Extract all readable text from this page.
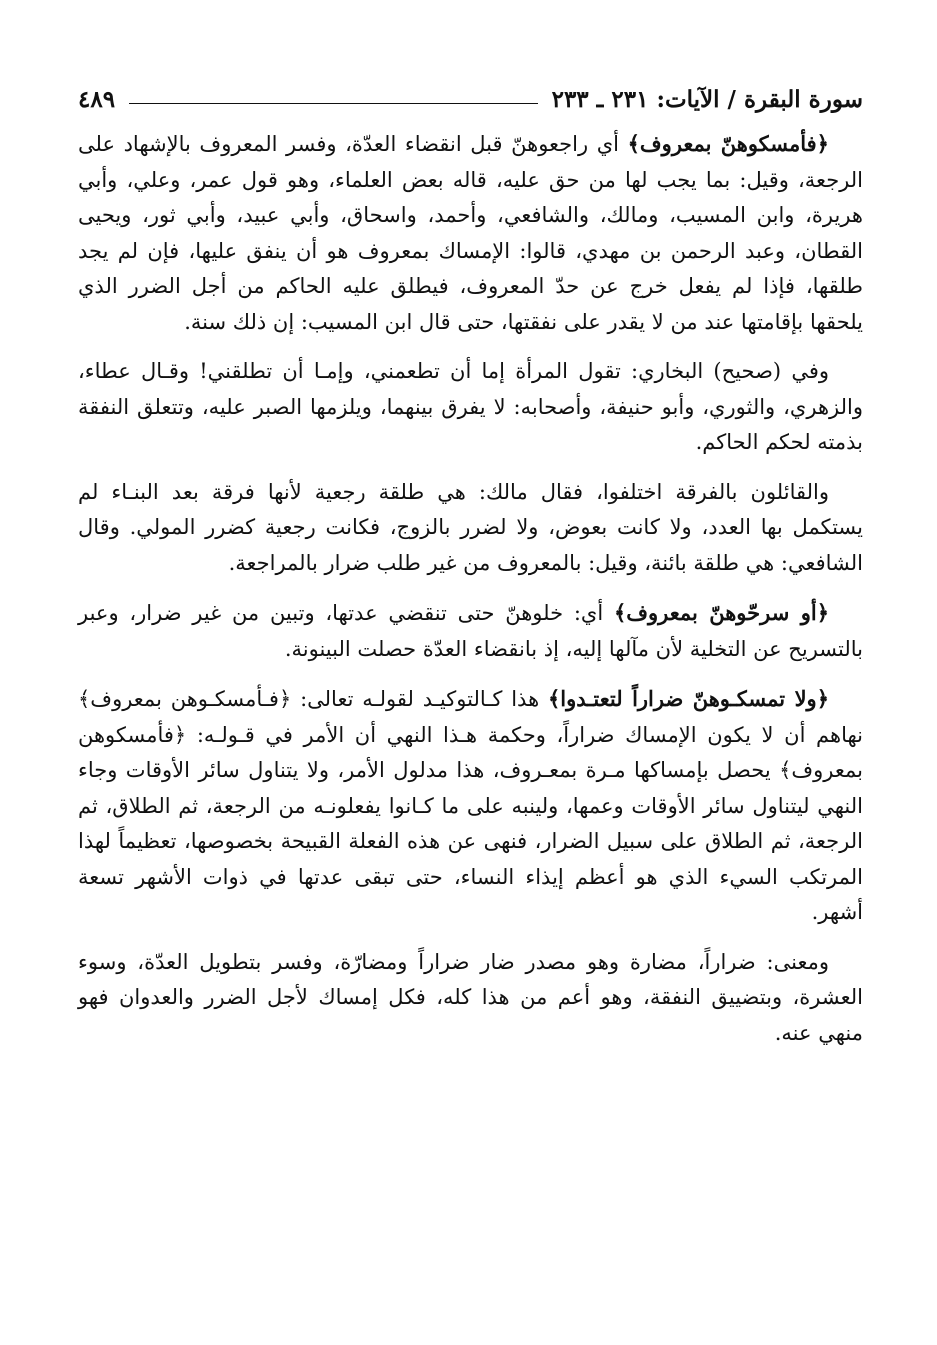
سورة البقرة / الآيات: ٢٣١ ـ ٢٣٣
٤٨٩

﴿فأمسكوهنّ بمعروف﴾ أي راجعوهنّ قبل انقضاء العدّة، وفسر المعروف بالإشهاد على الرجعة، وقيل: بما يجب لها من حق عليه، قاله بعض العلماء، وهو قول عمر، وعلي، وأبي هريرة، وابن المسيب، ومالك، والشافعي، وأحمد، واسحاق، وأبي عبيد، وأبي ثور، ويحيى القطان، وعبد الرحمن بن مهدي، قالوا: الإمساك بمعروف هو أن ينفق عليها، فإن لم يجد طلقها، فإذا لم يفعل خرج عن حدّ المعروف، فيطلق عليه الحاكم من أجل الضرر الذي يلحقها بإقامتها عند من لا يقدر على نفقتها، حتى قال ابن المسيب: إن ذلك سنة.

وفي (صحيح) البخاري: تقول المرأة إما أن تطعمني، وإمـا أن تطلقني! وقـال عطاء، والزهري، والثوري، وأبو حنيفة، وأصحابه: لا يفرق بينهما، ويلزمها الصبر عليه، وتتعلق النفقة بذمته لحكم الحاكم.

والقائلون بالفرقة اختلفوا، فقال مالك: هي طلقة رجعية لأنها فرقة بعد البنـاء لم يستكمل بها العدد، ولا كانت بعوض، ولا لضرر بالزوج، فكانت رجعية كضرر المولي. وقال الشافعي: هي طلقة بائنة، وقيل: بالمعروف من غير طلب ضرار بالمراجعة.

﴿أو سرحّوهنّ بمعروف﴾ أي: خلوهنّ حتى تنقضي عدتها، وتبين من غير ضرار، وعبر بالتسريح عن التخلية لأن مآلها إليه، إذ بانقضاء العدّة حصلت البينونة.

﴿ولا تمسكـوهنّ ضراراً لتعتـدوا﴾ هذا كـالتوكيـد لقولـه تعالى: ﴿فـأمسكـوهن بمعروف﴾ نهاهم أن لا يكون الإمساك ضراراً، وحكمة هـذا النهي أن الأمر في قـولـه: ﴿فأمسكوهن بمعروف﴾ يحصل بإمساكها مـرة بمعـروف، هذا مدلول الأمر، ولا يتناول سائر الأوقات وجاء النهي ليتناول سائر الأوقات وعمها، ولينبه على ما كـانوا يفعلونـه من الرجعة، ثم الطلاق، ثم الرجعة، ثم الطلاق على سبيل الضرار، فنهى عن هذه الفعلة القبيحة بخصوصها، تعظيماً لهذا المرتكب السيء الذي هو أعظم إيذاء النساء، حتى تبقى عدتها في ذوات الأشهر تسعة أشهر.

ومعنى: ضراراً، مضارة وهو مصدر ضار ضراراً ومضارّة، وفسر بتطويل العدّة، وسوء العشرة، وبتضييق النفقة، وهو أعم من هذا كله، فكل إمساك لأجل الضرر والعدوان فهو منهي عنه.
